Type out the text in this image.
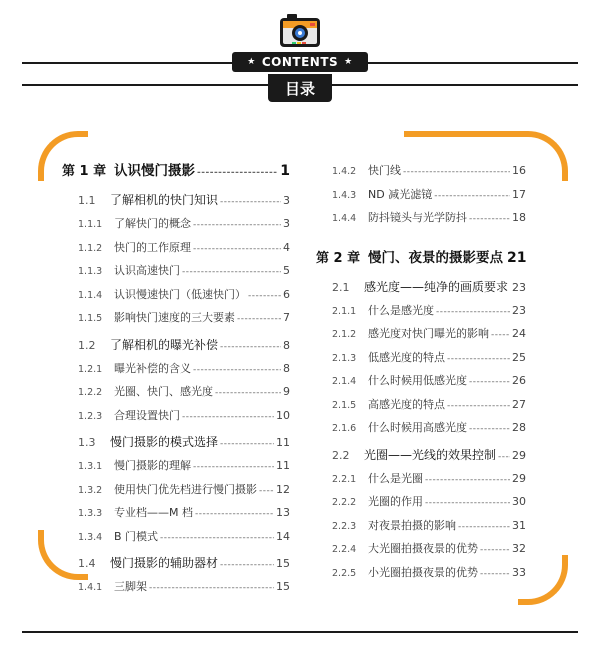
★ CONTENTS ★
目录
第 1 章 认识慢门摄影 -----	1
1.1	了解相机的快门知识 -----	3
1.1.1	了解快门的概念 -----	3
1.1.2	快门的工作原理 -----	4
1.1.3	认识高速快门 -----	5
1.1.4	认识慢速快门（低速快门） -----	6
1.1.5	影响快门速度的三大要素 -----	7
1.2	了解相机的曝光补偿 -----	8
1.2.1	曝光补偿的含义 -----	8
1.2.2	光圈、快门、感光度 -----	9
1.2.3	合理设置快门 -----	10
1.3	慢门摄影的模式选择 -----	11
1.3.1	慢门摄影的理解 -----	11
1.3.2	使用快门优先档进行慢门摄影 ----- 12
1.3.3	专业档——M 档 -----	13
1.3.4	B 门模式 -----	14
1.4	慢门摄影的辅助器材 -----	15
1.4.1	三脚架 -----	15
1.4.2	快门线 -----	16
1.4.3	ND 减光滤镜 -----	17
1.4.4	防抖镜头与光学防抖 -----	18
第 2 章 慢门、夜景的摄影要点 21
2.1	感光度——纯净的画质要求 23
2.1.1	什么是感光度 -----	23
2.1.2	感光度对快门曝光的影响 ----- 24
2.1.3	低感光度的特点 -----	25
2.1.4	什么时候用低感光度 -----	26
2.1.5	高感光度的特点 -----	27
2.1.6	什么时候用高感光度 -----	28
2.2	光圈——光线的效果控制 ----- 29
2.2.1	什么是光圈 -----	29
2.2.2	光圈的作用 -----	30
2.2.3	对夜景拍摄的影响 -----	31
2.2.4	大光圈拍摄夜景的优势 -----	32
2.2.5	小光圈拍摄夜景的优势 -----	33
